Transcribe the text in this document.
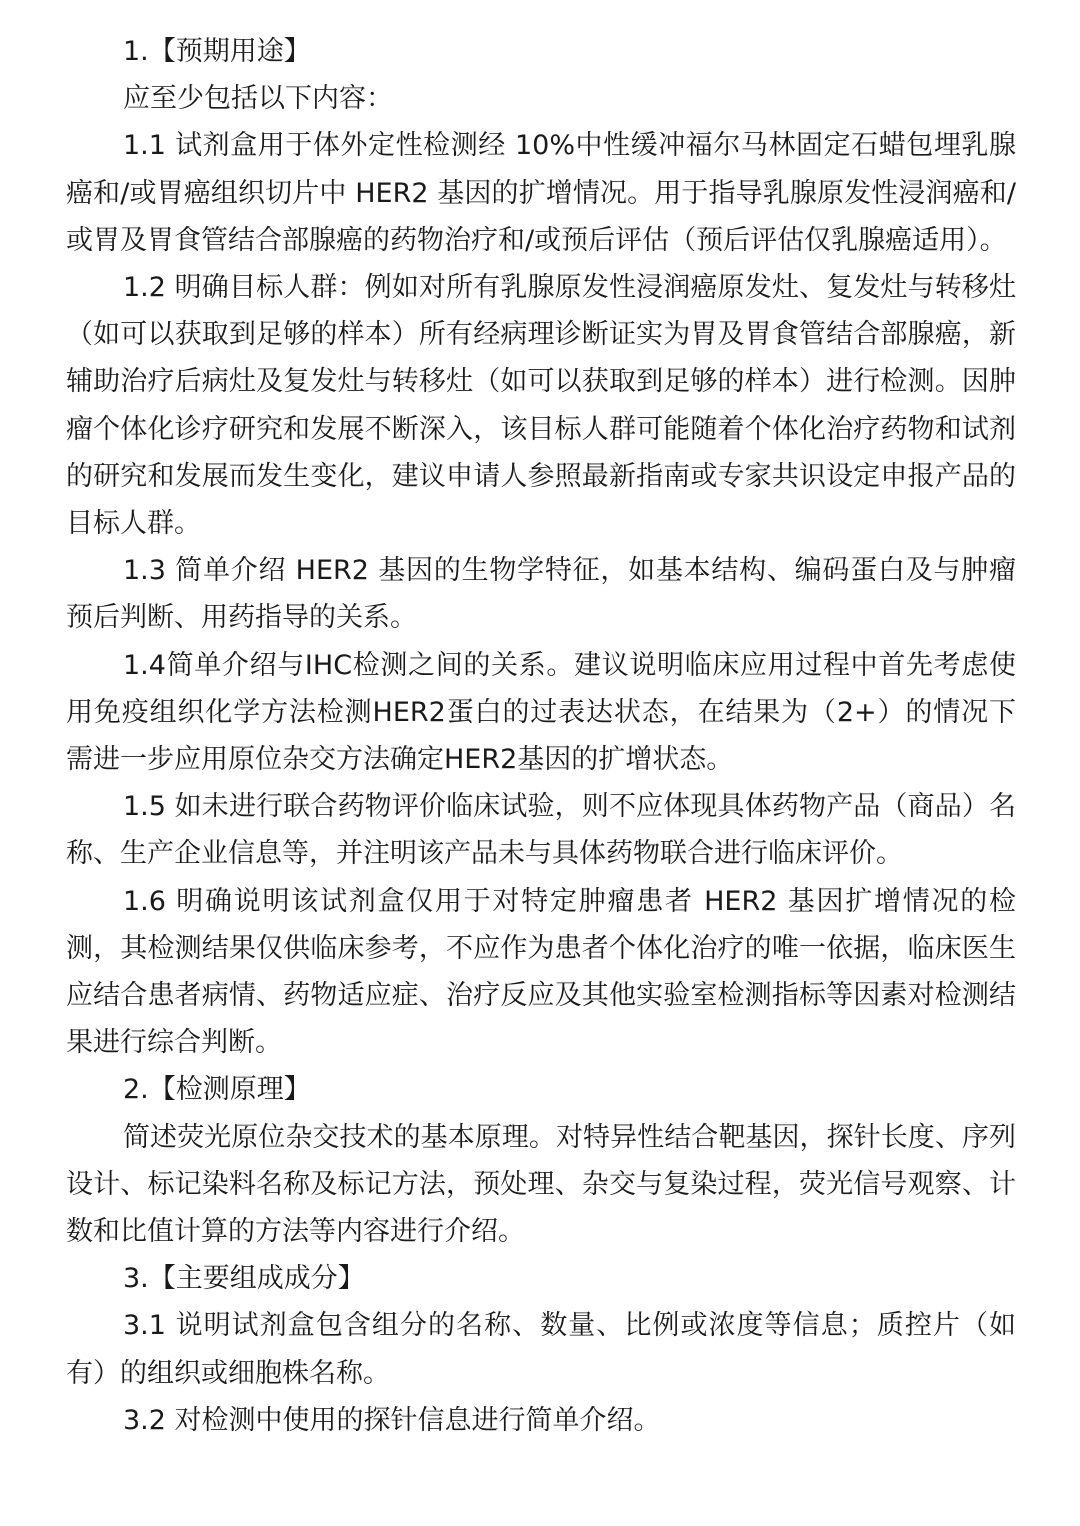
1.【预期用途】

应至少包括以下内容：

1.1 试剂盒用于体外定性检测经 10%中性缓冲福尔马林固定石蜡包埋乳腺癌和/或胃癌组织切片中 HER2 基因的扩增情况。用于指导乳腺原发性浸润癌和/或胃及胃食管结合部腺癌的药物治疗和/或预后评估（预后评估仅乳腺癌适用）。

1.2 明确目标人群：例如对所有乳腺原发性浸润癌原发灶、复发灶与转移灶（如可以获取到足够的样本）所有经病理诊断证实为胃及胃食管结合部腺癌，新辅助治疗后病灶及复发灶与转移灶（如可以获取到足够的样本）进行检测。因肿瘤个体化诊疗研究和发展不断深入，该目标人群可能随着个体化治疗药物和试剂的研究和发展而发生变化，建议申请人参照最新指南或专家共识设定申报产品的目标人群。

1.3 简单介绍 HER2 基因的生物学特征，如基本结构、编码蛋白及与肿瘤预后判断、用药指导的关系。

1.4简单介绍与IHC检测之间的关系。建议说明临床应用过程中首先考虑使用免疫组织化学方法检测HER2蛋白的过表达状态，在结果为（2+）的情况下需进一步应用原位杂交方法确定HER2基因的扩增状态。

1.5 如未进行联合药物评价临床试验，则不应体现具体药物产品（商品）名称、生产企业信息等，并注明该产品未与具体药物联合进行临床评价。

1.6 明确说明该试剂盒仅用于对特定肿瘤患者 HER2 基因扩增情况的检测，其检测结果仅供临床参考，不应作为患者个体化治疗的唯一依据，临床医生应结合患者病情、药物适应症、治疗反应及其他实验室检测指标等因素对检测结果进行综合判断。

2.【检测原理】

简述荧光原位杂交技术的基本原理。对特异性结合靶基因，探针长度、序列设计、标记染料名称及标记方法，预处理、杂交与复染过程，荧光信号观察、计数和比值计算的方法等内容进行介绍。

3.【主要组成成分】

3.1 说明试剂盒包含组分的名称、数量、比例或浓度等信息；质控片（如有）的组织或细胞株名称。

3.2 对检测中使用的探针信息进行简单介绍。
